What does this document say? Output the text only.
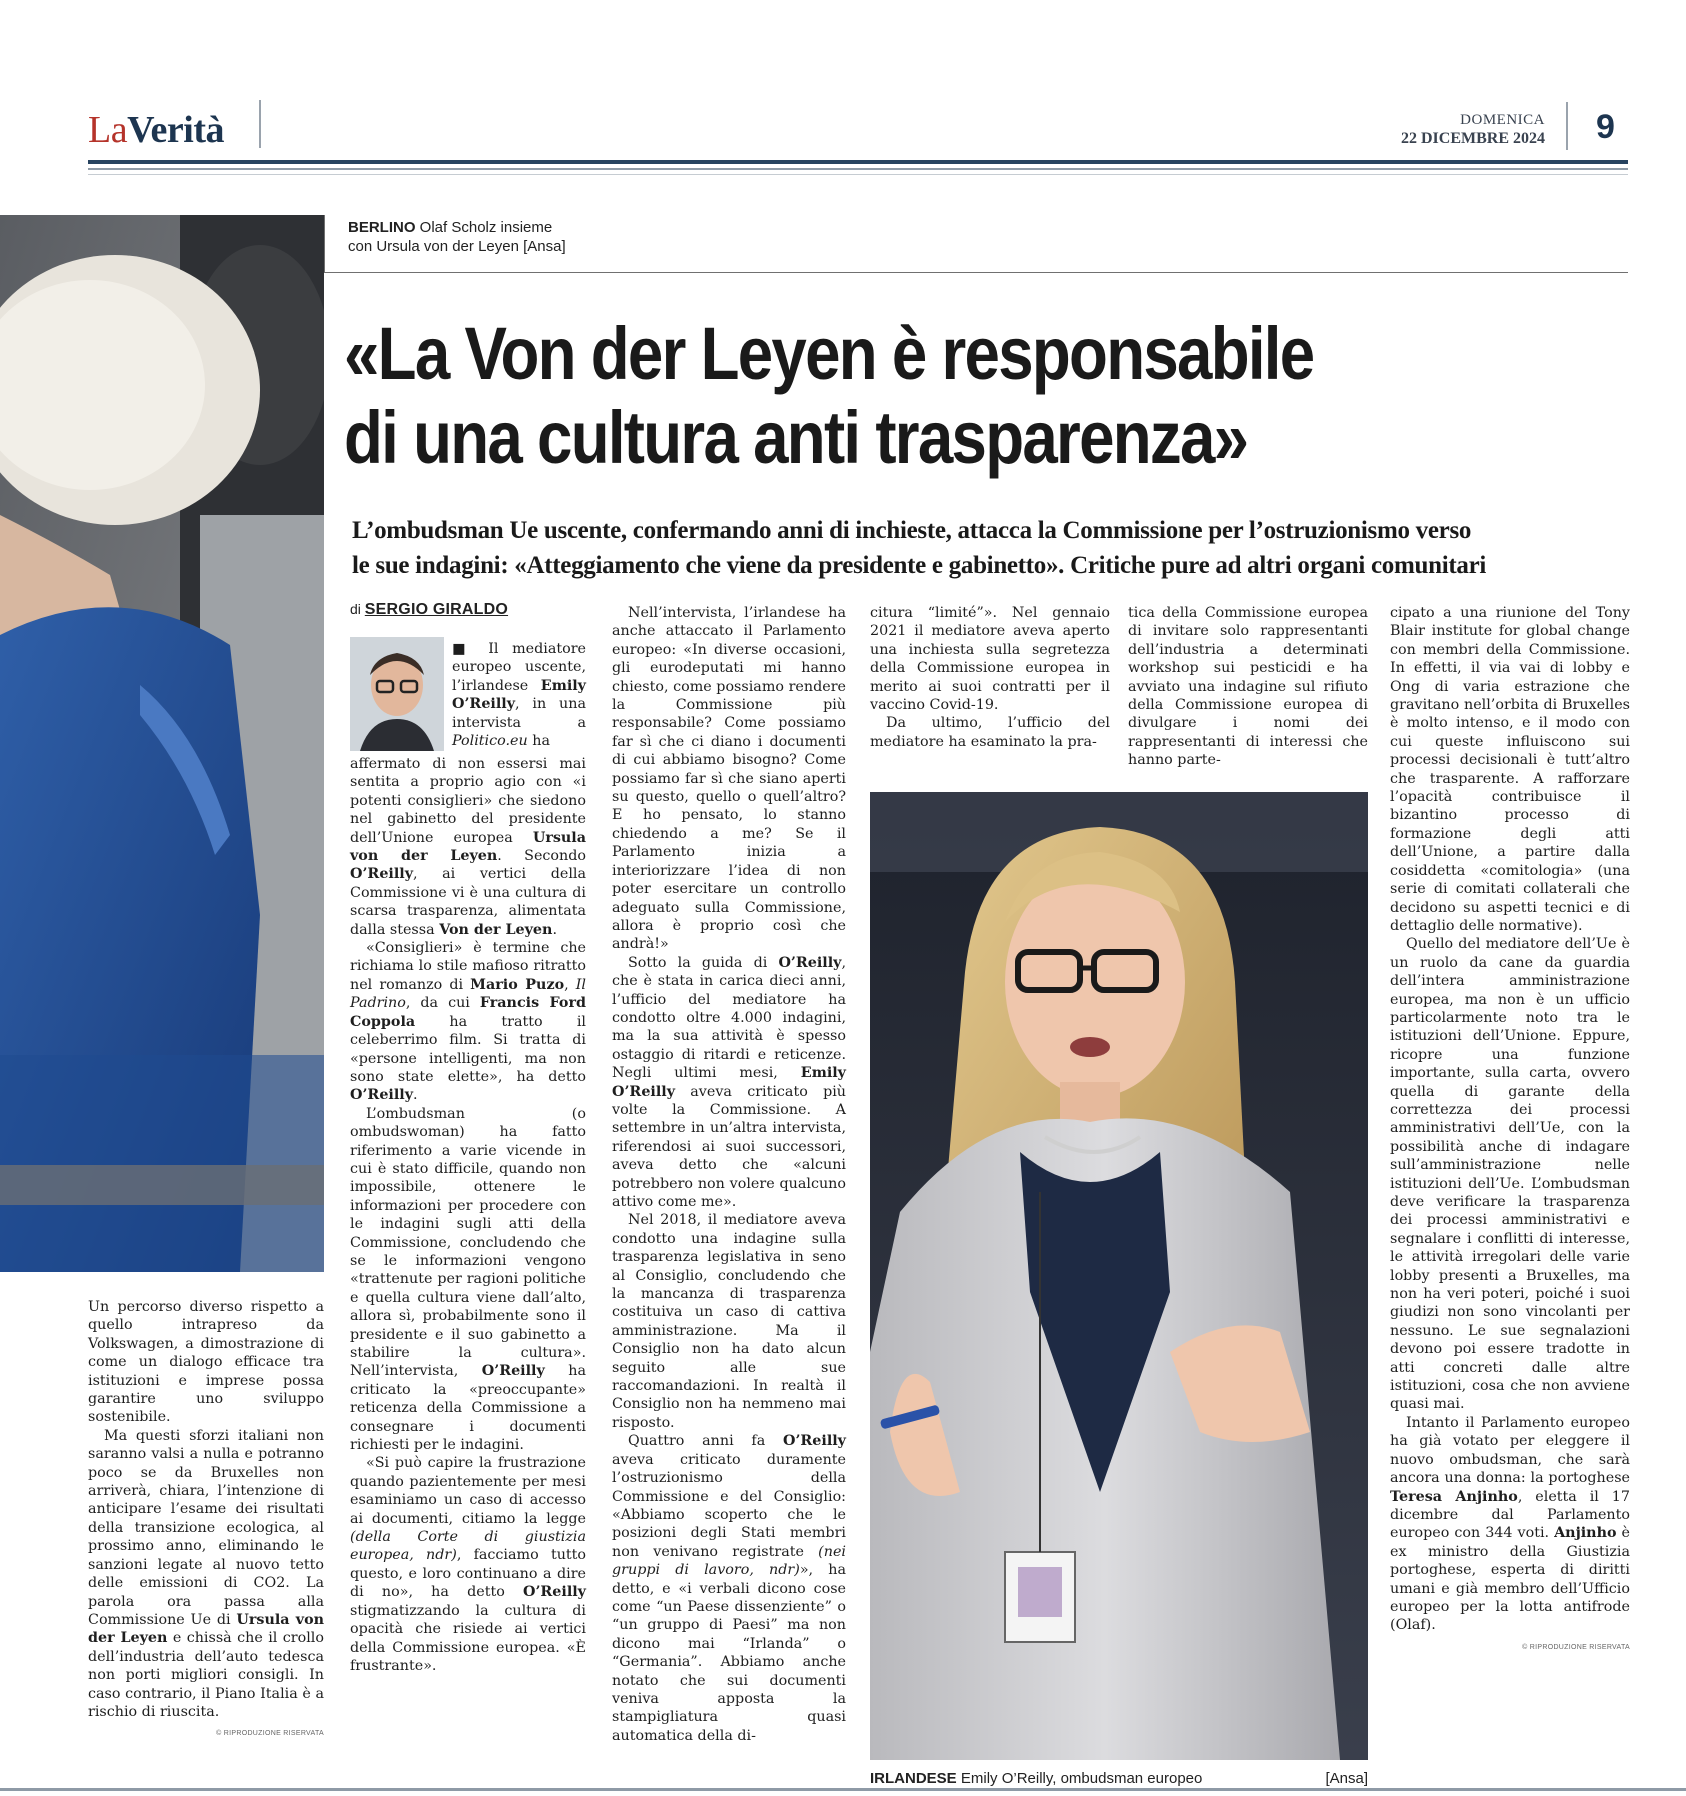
LaVerità	DOMENICA
22 DICEMBRE 2024 9
BERLINO Olaf Scholz insieme
con Ursula von der Leyen [Ansa]
«La Von der Leyen è responsabile
di una cultura anti trasparenza»
L’ombudsman Ue uscente, confermando anni di inchieste, attacca la Commissione per l’ostruzionismo verso
le sue indagini: «Atteggiamento che viene da presidente e gabinetto». Critiche pure ad altri organi comunitari
di SERGIO GIRALDO

■ Il mediatore europeo uscente, l’irlandese Emily O’Reilly, in una intervista a Politico.eu ha

affermato di non essersi mai sentita a proprio agio con «i potenti consiglieri» che siedono nel gabinetto del presidente dell’Unione europea Ursula von der Leyen. Secondo O’Reilly, ai vertici della Commissione vi è una cultura di scarsa trasparenza, alimentata dalla stessa Von der Leyen.

«Consiglieri» è termine che richiama lo stile mafioso ritratto nel romanzo di Mario Puzo, Il Padrino, da cui Francis Ford Coppola ha tratto il celeberrimo film. Si tratta di «persone intelligenti, ma non sono state elette», ha detto O’Reilly.

L’ombudsman (o ombudswoman) ha fatto riferimento a varie vicende in cui è stato difficile, quando non impossibile, ottenere le informazioni per procedere con le indagini sugli atti della Commissione, concludendo che se le informazioni vengono «trattenute per ragioni politiche e quella cultura viene dall’alto, allora sì, probabilmente sono il presidente e il suo gabinetto a stabilire la cultura». Nell’intervista, O’Reilly ha criticato la «preoccupante» reticenza della Commissione a consegnare i documenti richiesti per le indagini.

«Si può capire la frustrazione quando pazientemente per mesi esaminiamo un caso di accesso ai documenti, citiamo la legge (della Corte di giustizia europea, ndr), facciamo tutto questo, e loro continuano a dire di no», ha detto O’Reilly stigmatizzando la cultura di opacità che risiede ai vertici della Commissione europea. «È frustrante».

Nell’intervista, l’irlandese ha anche attaccato il Parlamento europeo: «In diverse occasioni, gli eurodeputati mi hanno chiesto, come possiamo rendere la Commissione più responsabile? Come possiamo far sì che ci diano i documenti di cui abbiamo bisogno? Come possiamo far sì che siano aperti su questo, quello o quell’altro? E ho pensato, lo stanno chiedendo a me? Se il Parlamento inizia a interiorizzare l’idea di non poter esercitare un controllo adeguato sulla Commissione, allora è proprio così che andrà!»

Sotto la guida di O’Reilly, che è stata in carica dieci anni, l’ufficio del mediatore ha condotto oltre 4.000 indagini, ma la sua attività è spesso ostaggio di ritardi e reticenze. Negli ultimi mesi, Emily O’Reilly aveva criticato più volte la Commissione. A settembre in un’altra intervista, riferendosi ai suoi successori, aveva detto che «alcuni potrebbero non volere qualcuno attivo come me».

Nel 2018, il mediatore aveva condotto una indagine sulla trasparenza legislativa in seno al Consiglio, concludendo che la mancanza di trasparenza costituiva un caso di cattiva amministrazione. Ma il Consiglio non ha dato alcun seguito alle sue raccomandazioni. In realtà il Consiglio non ha nemmeno mai risposto.

Quattro anni fa O’Reilly aveva criticato duramente l’ostruzionismo della Commissione e del Consiglio: «Abbiamo scoperto che le posizioni degli Stati membri non venivano registrate (nei gruppi di lavoro, ndr)», ha detto, e «i verbali dicono cose come “un Paese dissenziente” o “un gruppo di Paesi” ma non dicono mai “Irlanda” o “Germania”. Abbiamo anche notato che sui documenti veniva apposta la stampigliatura quasi automatica della di-

citura “limité”». Nel gennaio 2021 il mediatore aveva aperto una inchiesta sulla segretezza della Commissione europea in merito ai suoi contratti per il vaccino Covid-19.

Da ultimo, l’ufficio del mediatore ha esaminato la pra-

tica della Commissione europea di invitare solo rappresentanti dell’industria a determinati workshop sui pesticidi e ha avviato una indagine sul rifiuto della Commissione europea di divulgare i nomi dei rappresentanti di interessi che hanno parte-

IRLANDESE Emily O’Reilly, ombudsman europeo	[Ansa]

cipato a una riunione del Tony Blair institute for global change con membri della Commissione. In effetti, il via vai di lobby e Ong di varia estrazione che gravitano nell’orbita di Bruxelles è molto intenso, e il modo con cui queste influiscono sui processi decisionali è tutt’altro che trasparente. A rafforzare l’opacità contribuisce il bizantino processo di formazione degli atti dell’Unione, a partire dalla cosiddetta «comitologia» (una serie di comitati collaterali che decidono su aspetti tecnici e di dettaglio delle normative).

Quello del mediatore dell’Ue è un ruolo da cane da guardia dell’intera amministrazione europea, ma non è un ufficio particolarmente noto tra le istituzioni dell’Unione. Eppure, ricopre una funzione importante, sulla carta, ovvero quella di garante della correttezza dei processi amministrativi dell’Ue, con la possibilità anche di indagare sull’amministrazione nelle istituzioni dell’Ue. L’ombudsman deve verificare la trasparenza dei processi amministrativi e segnalare i conflitti di interesse, le attività irregolari delle varie lobby presenti a Bruxelles, ma non ha veri poteri, poiché i suoi giudizi non sono vincolanti per nessuno. Le sue segnalazioni devono poi essere tradotte in atti concreti dalle altre istituzioni, cosa che non avviene quasi mai.

Intanto il Parlamento europeo ha già votato per eleggere il nuovo ombudsman, che sarà ancora una donna: la portoghese Teresa Anjinho, eletta il 17 dicembre dal Parlamento europeo con 344 voti. Anjinho è ex ministro della Giustizia portoghese, esperta di diritti umani e già membro dell’Ufficio europeo per la lotta antifrode (Olaf).

© RIPRODUZIONE RISERVATA

Un percorso diverso rispetto a quello intrapreso da Volkswagen, a dimostrazione di come un dialogo efficace tra istituzioni e imprese possa garantire uno sviluppo sostenibile.

Ma questi sforzi italiani non saranno valsi a nulla e potranno poco se da Bruxelles non arriverà, chiara, l’intenzione di anticipare l’esame dei risultati della transizione ecologica, al prossimo anno, eliminando le sanzioni legate al nuovo tetto delle emissioni di CO2. La parola ora passa alla Commissione Ue di Ursula von der Leyen e chissà che il crollo dell’industria dell’auto tedesca non porti migliori consigli. In caso contrario, il Piano Italia è a rischio di riuscita.

© RIPRODUZIONE RISERVATA
